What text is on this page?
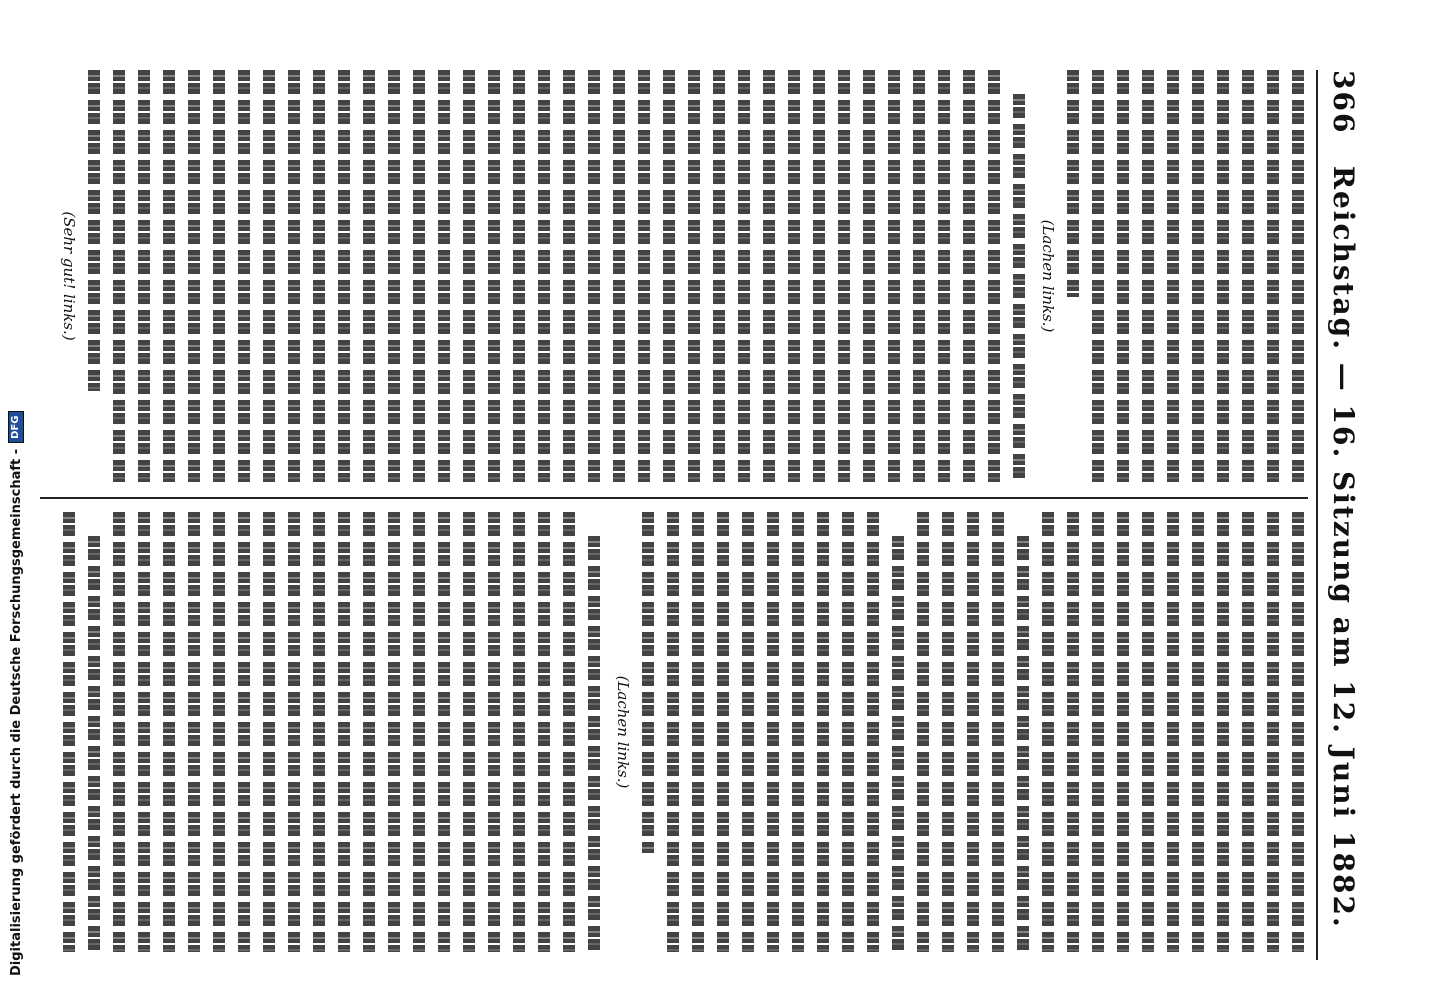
366
Reichstag. — 16. Sitzung am 12. Juni 1882.
(Lachen links.)
(Sehr gut! links.)
(Lachen links.)
Digitalisierung gefördert durch die Deutsche Forschungsgemeinschaft -
DFG
